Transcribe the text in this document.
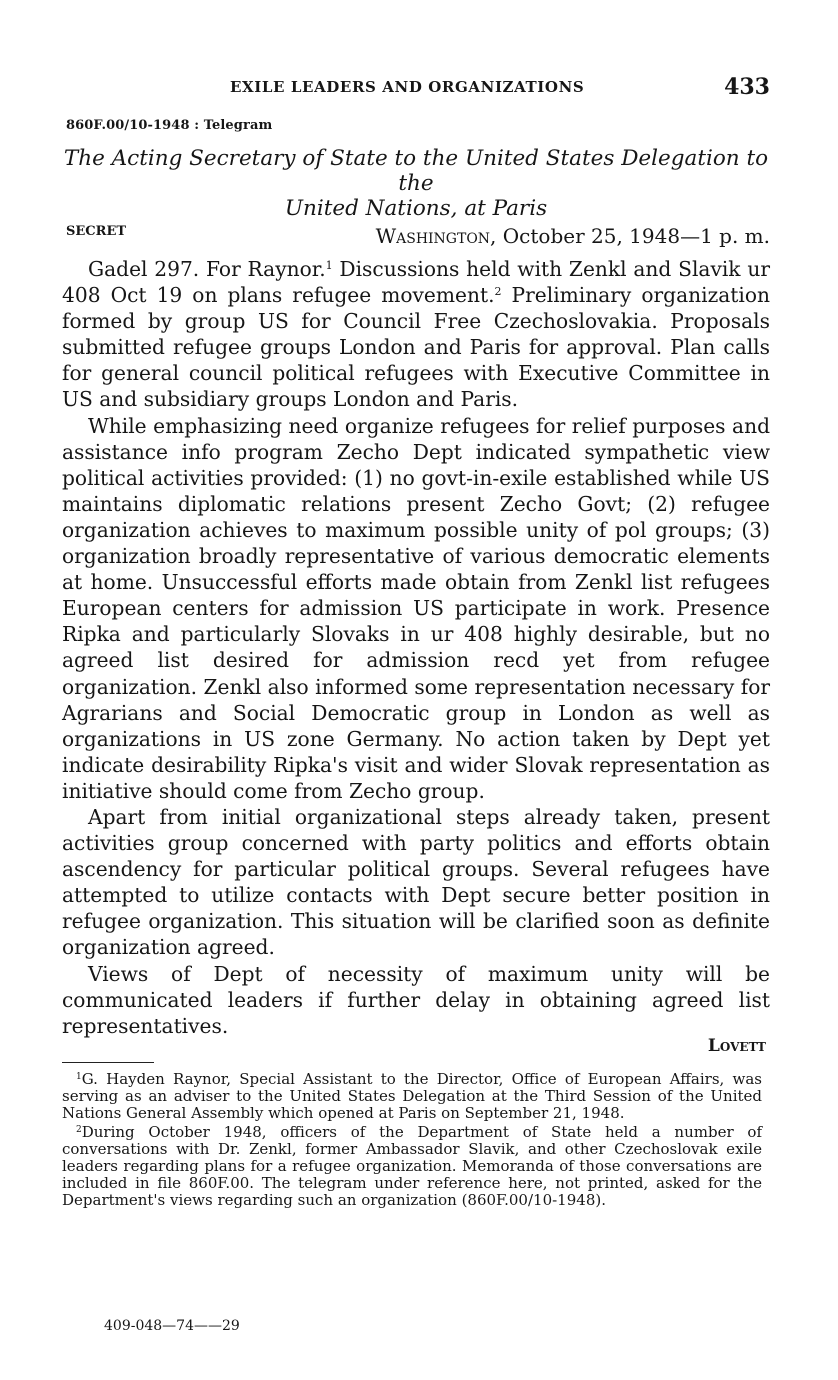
EXILE LEADERS AND ORGANIZATIONS	433
860F.00/10-1948 : Telegram
The Acting Secretary of State to the United States Delegation to the
United Nations, at Paris
SECRET	Washington, October 25, 1948—1 p. m.

Gadel 297. For Raynor.$^1$ Discussions held with Zenkl and Slavik ur 408 Oct 19 on plans refugee movement.$^2$ Preliminary organization formed by group US for Council Free Czechoslovakia. Proposals submitted refugee groups London and Paris for approval. Plan calls for general council political refugees with Executive Committee in US and subsidiary groups London and Paris.

While emphasizing need organize refugees for relief purposes and assistance info program Zecho Dept indicated sympathetic view political activities provided: (1) no govt-in-exile established while US maintains diplomatic relations present Zecho Govt; (2) refugee organization achieves to maximum possible unity of pol groups; (3) organization broadly representative of various democratic elements at home. Unsuccessful efforts made obtain from Zenkl list refugees European centers for admission US participate in work. Presence Ripka and particularly Slovaks in ur 408 highly desirable, but no agreed list desired for admission recd yet from refugee organization. Zenkl also informed some representation necessary for Agrarians and Social Democratic group in London as well as organizations in US zone Germany. No action taken by Dept yet indicate desirability Ripka's visit and wider Slovak representation as initiative should come from Zecho group.

Apart from initial organizational steps already taken, present activities group concerned with party politics and efforts obtain ascendency for particular political groups. Several refugees have attempted to utilize contacts with Dept secure better position in refugee organization. This situation will be clarified soon as definite organization agreed.

Views of Dept of necessity of maximum unity will be communicated leaders if further delay in obtaining agreed list representatives.

Lovett

$^1$G. Hayden Raynor, Special Assistant to the Director, Office of European Affairs, was serving as an adviser to the United States Delegation at the Third Session of the United Nations General Assembly which opened at Paris on September 21, 1948.

$^2$During October 1948, officers of the Department of State held a number of conversations with Dr. Zenkl, former Ambassador Slavik, and other Czechoslovak exile leaders regarding plans for a refugee organization. Memoranda of those conversations are included in file 860F.00. The telegram under reference here, not printed, asked for the Department's views regarding such an organization (860F.00/10-1948).

409-048—74——29
